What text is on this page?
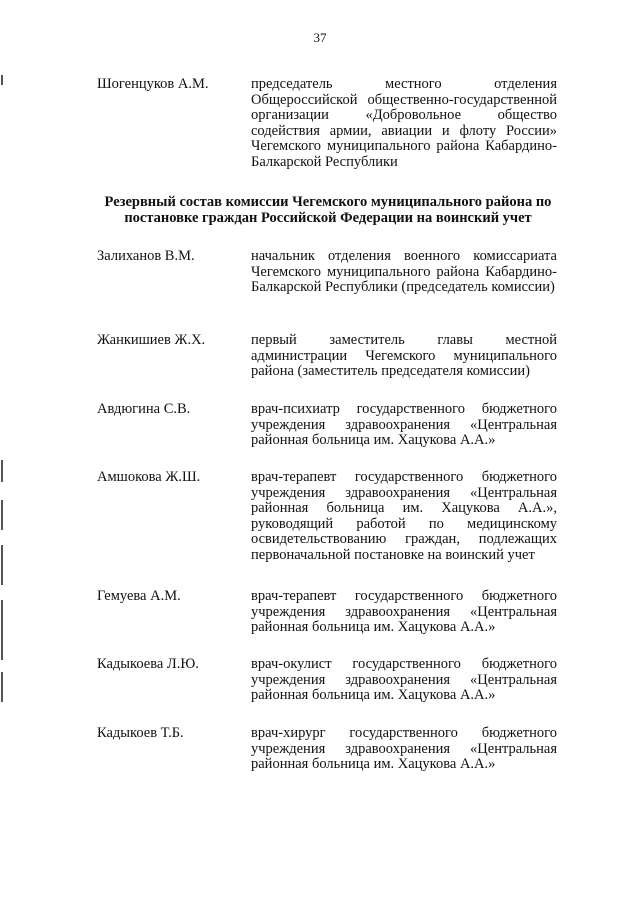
37
Шогенцуков А.М.	председатель местного отделения Общероссийской общественно-государственной организации «Добровольное общество содействия армии, авиации и флоту России» Чегемского муниципального района Кабардино-Балкарской Республики
Резервный состав комиссии Чегемского муниципального района по постановке граждан Российской Федерации на воинский учет
Залиханов В.М.	начальник отделения военного комиссариата Чегемского муниципального района Кабардино-Балкарской Республики (председатель комиссии)
Жанкишиев Ж.Х.	первый заместитель главы местной администрации Чегемского муниципального района (заместитель председателя комиссии)
Авдюгина С.В.	врач-психиатр государственного бюджетного учреждения здравоохранения «Центральная районная больница им. Хацукова А.А.»
Амшокова Ж.Ш.	врач-терапевт государственного бюджетного учреждения здравоохранения «Центральная районная больница им. Хацукова А.А.», руководящий работой по медицинскому освидетельствованию граждан, подлежащих первоначальной постановке на воинский учет
Гемуева А.М.	врач-терапевт государственного бюджетного учреждения здравоохранения «Центральная районная больница им. Хацукова А.А.»
Кадыкоева Л.Ю.	врач-окулист государственного бюджетного учреждения здравоохранения «Центральная районная больница им. Хацукова А.А.»
Кадыкоев Т.Б.	врач-хирург государственного бюджетного учреждения здравоохранения «Центральная районная больница им. Хацукова А.А.»
